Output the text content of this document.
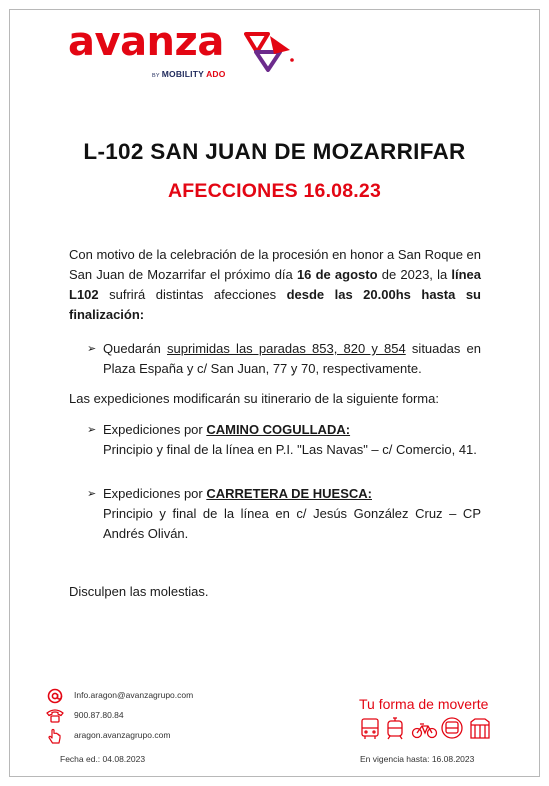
avanza
BY MOBILITY ADO
L-102 SAN JUAN DE MOZARRIFAR
AFECCIONES 16.08.23
Con motivo de la celebración de la procesión en honor a San Roque en San Juan de Mozarrifar el próximo día 16 de agosto de 2023, la línea L102 sufrirá distintas afecciones desde las 20.00hs hasta su finalización:
➢ Quedarán suprimidas las paradas 853, 820 y 854 situadas en Plaza España y c/ San Juan, 77 y 70, respectivamente.
Las expediciones modificarán su itinerario de la siguiente forma:
➢ Expediciones por CAMINO COGULLADA:
Principio y final de la línea en P.I. "Las Navas" – c/ Comercio, 41.
➢ Expediciones por CARRETERA DE HUESCA:
Principio y final de la línea en c/ Jesús González Cruz – CP Andrés Oliván.
Disculpen las molestias.
Info.aragon@avanzagrupo.com
900.87.80.84
aragon.avanzagrupo.com
Fecha ed.: 04.08.2023
Tu forma de moverte
En vigencia hasta: 16.08.2023
